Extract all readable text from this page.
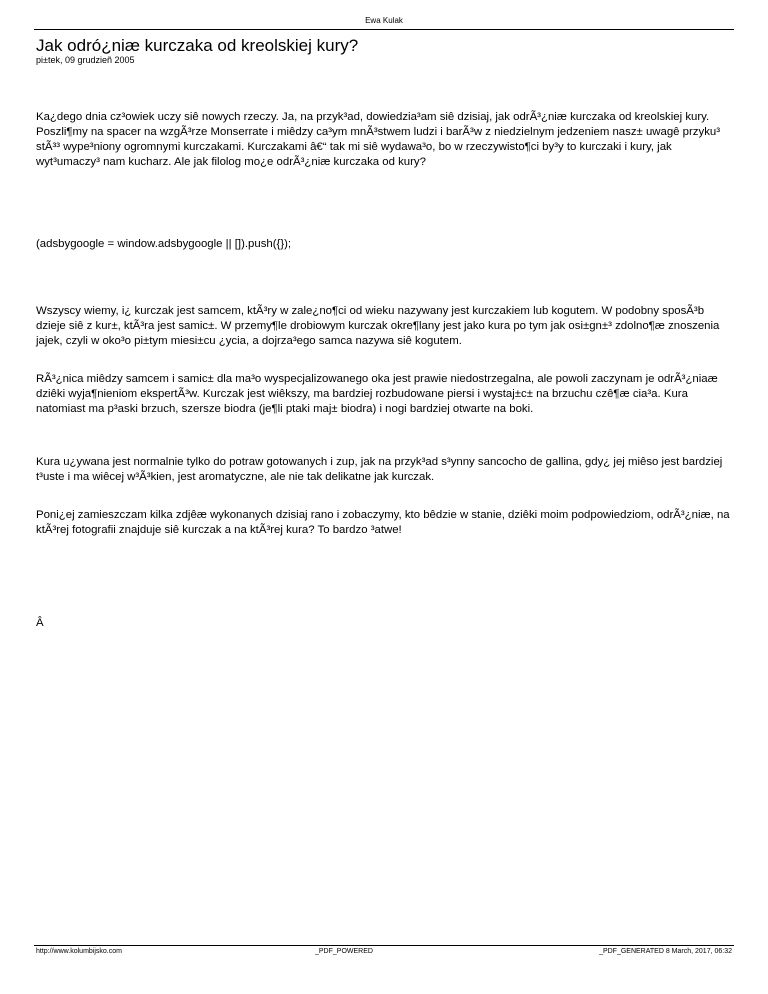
Ewa Kulak
Jak odró¿niæ kurczaka od kreolskiej kury?
pi±tek, 09 grudzieñ 2005

Ka¿dego dnia cz³owiek uczy siê nowych rzeczy. Ja, na przyk³ad, dowiedzia³am siê dzisiaj, jak odrÃ³¿niæ kurczaka od kreolskiej kury. Poszli¶my na spacer na wzgÃ³rze Monserrate i miêdzy ca³ym mnÃ³stwem ludzi i barÃ³w z niedzielnym jedzeniem nasz± uwagê przyku³ stÃ³³ wype³niony ogromnymi kurczakami. Kurczakami â€“ tak mi siê wydawa³o, bo w rzeczywisto¶ci by³y to kurczaki i kury, jak wyt³umaczy³ nam kucharz. Ale jak filolog mo¿e odrÃ³¿niæ kurczaka od kury?

(adsbygoogle = window.adsbygoogle || []).push({});

Wszyscy wiemy, i¿ kurczak jest samcem, ktÃ³ry w zale¿no¶ci od wieku nazywany jest kurczakiem lub kogutem. W podobny sposÃ³b dzieje siê z kur±, ktÃ³ra jest samic±. W przemy¶le drobiowym kurczak okre¶lany jest jako kura po tym jak osi±gn±³ zdolno¶æ znoszenia jajek, czyli w oko³o pi±tym miesi±cu ¿ycia, a dojrza³ego samca nazywa siê kogutem.

RÃ³¿nica miêdzy samcem i samic± dla ma³o wyspecjalizowanego oka jest prawie niedostrzegalna, ale powoli zaczynam je odrÃ³¿niaæ dziêki wyja¶nieniom ekspertÃ³w. Kurczak jest wiêkszy, ma bardziej rozbudowane piersi i wystaj±c± na brzuchu czê¶æ cia³a. Kura natomiast ma p³aski brzuch, szersze biodra (je¶li ptaki maj± biodra) i nogi bardziej otwarte na boki.

Kura u¿ywana jest normalnie tylko do potraw gotowanych i zup, jak na przyk³ad s³ynny sancocho de gallina, gdy¿ jej miêso jest bardziej t³uste i ma wiêcej w³Ã³kien, jest aromatyczne, ale nie tak delikatne jak kurczak.

Poni¿ej zamieszczam kilka zdjêæ wykonanych dzisiaj rano i zobaczymy, kto bêdzie w stanie, dziêki moim podpowiedziom, odrÃ³¿niæ, na ktÃ³rej fotografii znajduje siê kurczak a na ktÃ³rej kura? To bardzo ³atwe!

Â

http://www.kolumbijsko.com	_PDF_POWERED	_PDF_GENERATED 8 March, 2017, 06:32
